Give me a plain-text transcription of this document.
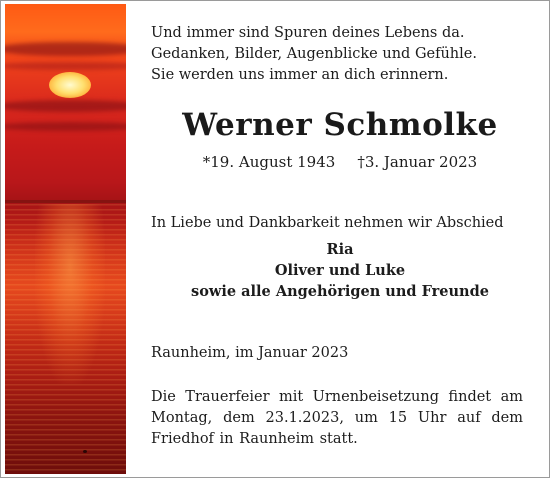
Und immer sind Spuren deines Lebens da.
Gedanken, Bilder, Augenblicke und Gefühle.
Sie werden uns immer an dich erinnern.
Werner Schmolke
*19. August 1943 †3. Januar 2023
In Liebe und Dankbarkeit nehmen wir Abschied
Ria
Oliver und Luke
sowie alle Angehörigen und Freunde
Raunheim, im Januar 2023
Die Trauerfeier mit Urnenbeisetzung findet am
Montag, dem 23.1.2023, um 15 Uhr auf dem
Friedhof in Raunheim statt.
